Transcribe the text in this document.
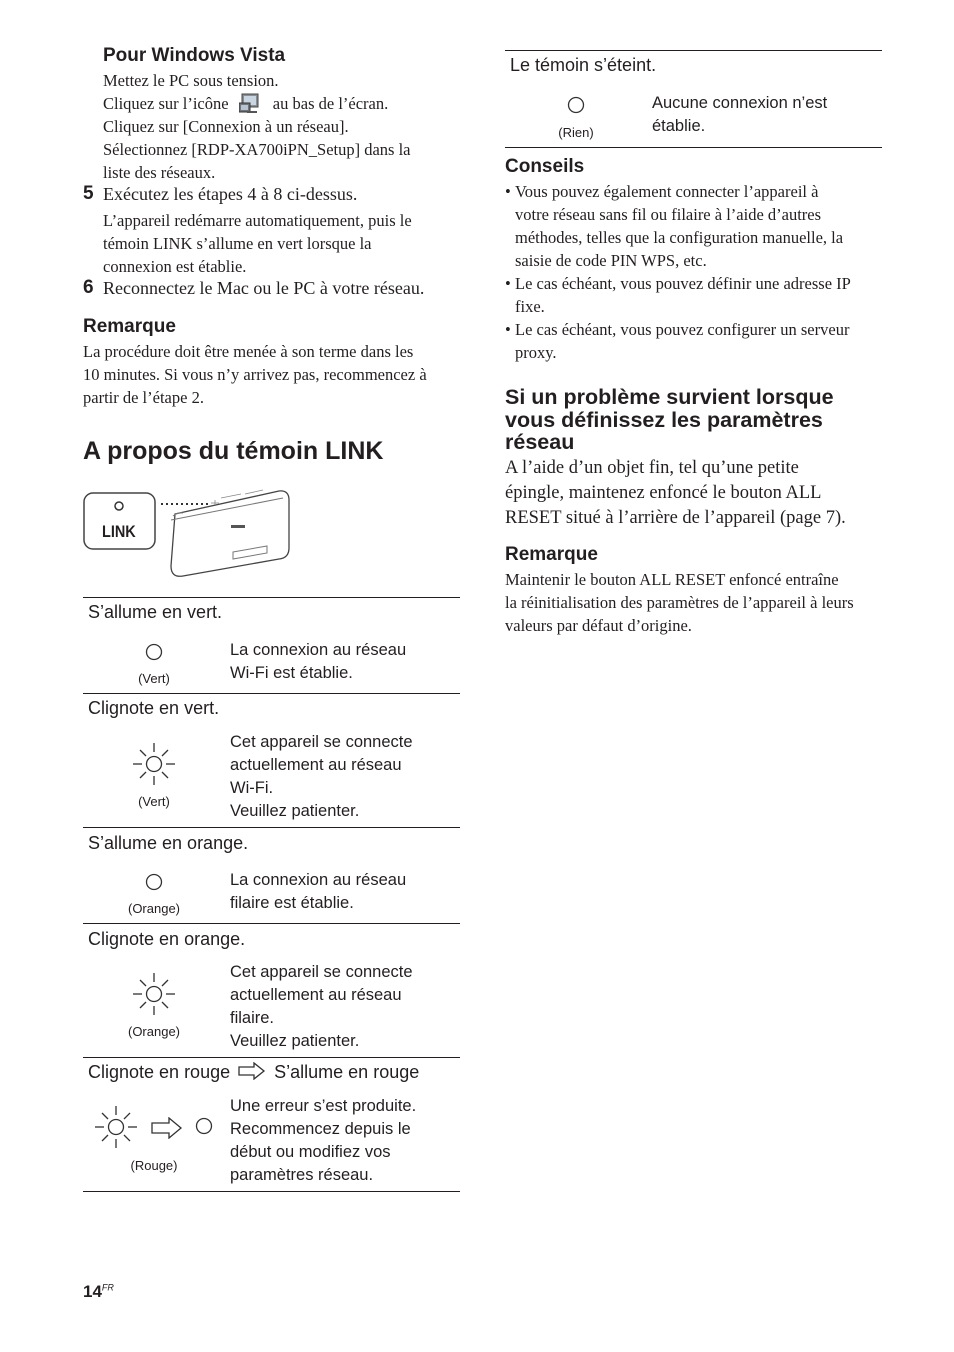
Pour Windows Vista
Mettez le PC sous tension.
Cliquez sur l’icône	au bas de l’écran.
Cliquez sur [Connexion à un réseau].
Sélectionnez [RDP-XA700iPN_Setup] dans la
liste des réseaux.
5 Exécutez les étapes 4 à 8 ci-dessus.
L’appareil redémarre automatiquement, puis le
témoin LINK s’allume en vert lorsque la
connexion est établie.
6 Reconnectez le Mac ou le PC à votre réseau.
Remarque
La procédure doit être menée à son terme dans les
10 minutes. Si vous n’y arrivez pas, recommencez à
partir de l’étape 2.
A propos du témoin LINK
LINK
S’allume en vert.
(Vert)
La connexion au réseau
Wi-Fi est établie.
Clignote en vert.
(Vert)
Cet appareil se connecte
actuellement au réseau
Wi-Fi.
Veuillez patienter.
S’allume en orange.
(Orange)
La connexion au réseau
filaire est établie.
Clignote en orange.
(Orange)
Cet appareil se connecte
actuellement au réseau
filaire.
Veuillez patienter.
Clignote en rouge S’allume en rouge
(Rouge)
Une erreur s’est produite.
Recommencez depuis le
début ou modifiez vos
paramètres réseau.
Le témoin s’éteint.
(Rien)
Aucune connexion n’est
établie.
Conseils
• Vous pouvez également connecter l’appareil à
votre réseau sans fil ou filaire à l’aide d’autres
méthodes, telles que la configuration manuelle, la
saisie de code PIN WPS, etc.
• Le cas échéant, vous pouvez définir une adresse IP
fixe.
• Le cas échéant, vous pouvez configurer un serveur
proxy.
Si un problème survient lorsque
vous définissez les paramètres
réseau
A l’aide d’un objet fin, tel qu’une petite
épingle, maintenez enfoncé le bouton ALL
RESET situé à l’arrière de l’appareil (page 7).
Remarque
Maintenir le bouton ALL RESET enfoncé entraîne
la réinitialisation des paramètres de l’appareil à leurs
valeurs par défaut d’origine.
$14^{FR}$
